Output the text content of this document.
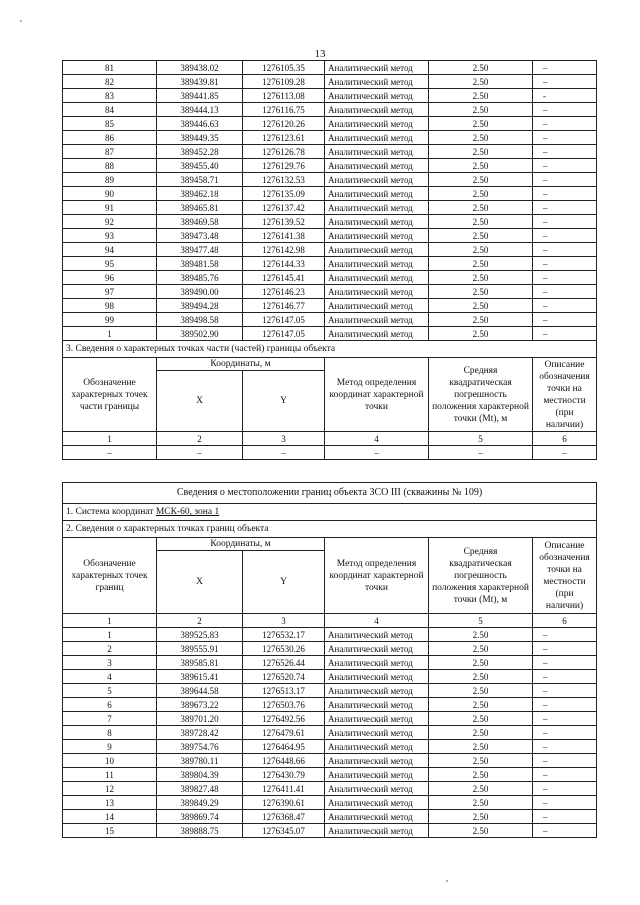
13
81	389438.02	1276105.35	Аналитический метод	2.50	–
82	389439.81	1276109.28	Аналитический метод	2.50	–
83	389441.85	1276113.08	Аналитический метод	2.50	-
84	389444.13	1276116.75	Аналитический метод	2.50	–
85	389446.63	1276120.26	Аналитический метод	2.50	–
86	389449.35	1276123.61	Аналитический метод	2.50	–
87	389452.28	1276126.78	Аналитический метод	2.50	–
88	389455.40	1276129.76	Аналитический метод	2.50	–
89	389458.71	1276132.53	Аналитический метод	2.50	–
90	389462.18	1276135.09	Аналитический метод	2.50	–
91	389465.81	1276137.42	Аналитический метод	2.50	–
92	389469.58	1276139.52	Аналитический метод	2.50	–
93	389473.48	1276141.38	Аналитический метод	2.50	–
94	389477.48	1276142.98	Аналитический метод	2.50	–
95	389481.58	1276144.33	Аналитический метод	2.50	–
96	389485.76	1276145.41	Аналитический метод	2.50	–
97	389490.00	1276146.23	Аналитический метод	2.50	–
98	389494.28	1276146.77	Аналитический метод	2.50	–
99	389498.58	1276147.05	Аналитический метод	2.50	–
1	389502.90	1276147.05	Аналитический метод	2.50	–
3. Сведения о характерных точках части (частей) границы объекта					
Обозначение характерных точек части границы	Координаты, м		Метод определения координат характерной точки	Средняя квадратическая погрешность положения характерной точки (Mt), м	Описание обозначения точки на местности (при наличии)
	X	Y			
1	2	3	4	5	6
–	–	–	–	–	–
Сведения о местоположении границ объекта ЗСО III (скважины № 109)					
1. Система координат МСК-60, зона 1					
2. Сведения о характерных точках границ объекта					
Обозначение характерных точек границ	Координаты, м		Метод определения координат характерной точки	Средняя квадратическая погрешность положения характерной точки (Mt), м	Описание обозначения точки на местности (при наличии)
	X	Y			
1	2	3	4	5	6
1	389525.83	1276532.17	Аналитический метод	2.50	–
2	389555.91	1276530.26	Аналитический метод	2.50	–
3	389585.81	1276526.44	Аналитический метод	2.50	–
4	389615.41	1276520.74	Аналитический метод	2.50	–
5	389644.58	1276513.17	Аналитический метод	2.50	–
6	389673.22	1276503.76	Аналитический метод	2.50	–
7	389701.20	1276492.56	Аналитический метод	2.50	–
8	389728.42	1276479.61	Аналитический метод	2.50	–
9	389754.76	1276464.95	Аналитический метод	2.50	–
10	389780.11	1276448.66	Аналитический метод	2.50	–
11	389804.39	1276430.79	Аналитический метод	2.50	–
12	389827.48	1276411.41	Аналитический метод	2.50	–
13	389849.29	1276390.61	Аналитический метод	2.50	–
14	389869.74	1276368.47	Аналитический метод	2.50	–
15	389888.75	1276345.07	Аналитический метод	2.50	–
